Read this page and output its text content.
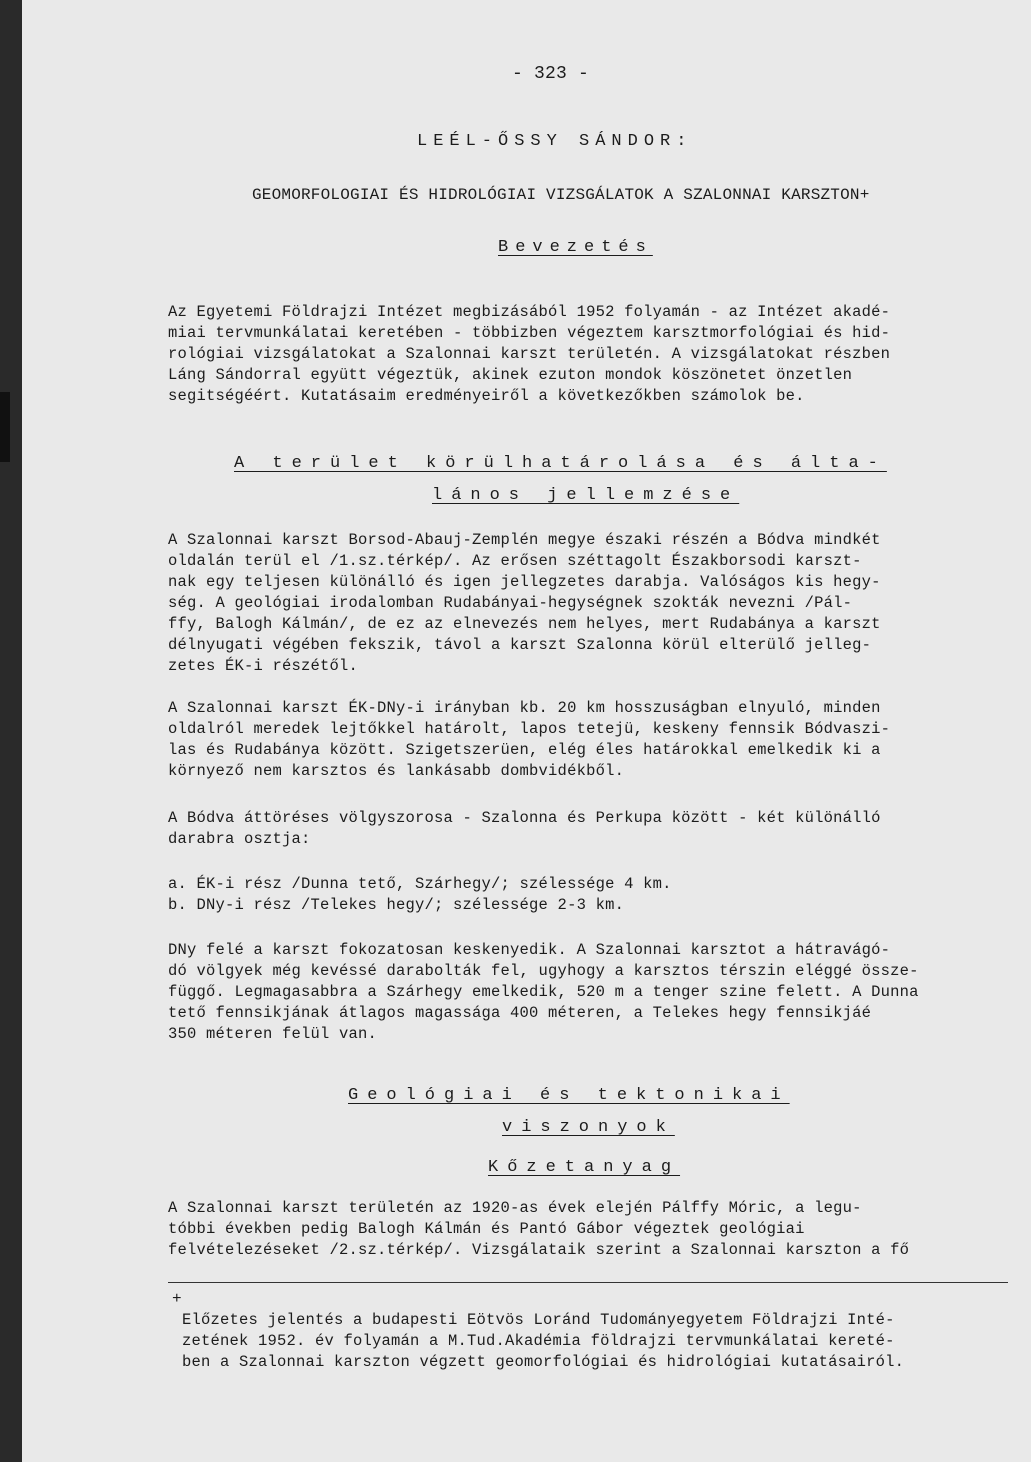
- 323 -
LEÉL-ŐSSY SÁNDOR:
GEOMORFOLOGIAI ÉS HIDROLÓGIAI VIZSGÁLATOK A SZALONNAI KARSZTON+
Bevezetés
Az Egyetemi Földrajzi Intézet megbizásából 1952 folyamán - az Intézet akadé-
miai tervmunkálatai keretében - többizben végeztem karsztmorfológiai és hid-
rológiai vizsgálatokat a Szalonnai karszt területén. A vizsgálatokat részben
Láng Sándorral együtt végeztük, akinek ezuton mondok köszönetet önzetlen
segitségéért. Kutatásaim eredményeiről a következőkben számolok be.
A terület körülhatárolása és álta-
lános jellemzése
A Szalonnai karszt Borsod-Abauj-Zemplén megye északi részén a Bódva mindkét
oldalán terül el /1.sz.térkép/. Az erősen széttagolt Északborsodi karszt-
nak egy teljesen különálló és igen jellegzetes darabja. Valóságos kis hegy-
ség. A geológiai irodalomban Rudabányai-hegységnek szokták nevezni /Pál-
ffy, Balogh Kálmán/, de ez az elnevezés nem helyes, mert Rudabánya a karszt
délnyugati végében fekszik, távol a karszt Szalonna körül elterülő jelleg-
zetes ÉK-i részétől.
A Szalonnai karszt ÉK-DNy-i irányban kb. 20 km hosszuságban elnyuló, minden
oldalról meredek lejtőkkel határolt, lapos tetejü, keskeny fennsik Bódvaszi-
las és Rudabánya között. Szigetszerüen, elég éles határokkal emelkedik ki a
környező nem karsztos és lankásabb dombvidékből.
A Bódva áttöréses völgyszorosa - Szalonna és Perkupa között - két különálló
darabra osztja:
a. ÉK-i rész /Dunna tető, Szárhegy/; szélessége 4 km.
b. DNy-i rész /Telekes hegy/; szélessége 2-3 km.
DNy felé a karszt fokozatosan keskenyedik. A Szalonnai karsztot a hátravágó-
dó völgyek még kevéssé darabolták fel, ugyhogy a karsztos térszin eléggé össze-
függő. Legmagasabbra a Szárhegy emelkedik, 520 m a tenger szine felett. A Dunna
tető fennsikjának átlagos magassága 400 méteren, a Telekes hegy fennsikjáé
350 méteren felül van.
Geológiai és tektonikai
viszonyok
Kőzetanyag
A Szalonnai karszt területén az 1920-as évek elején Pálffy Móric, a legu-
tóbbi években pedig Balogh Kálmán és Pantó Gábor végeztek geológiai
felvételezéseket /2.sz.térkép/. Vizsgálataik szerint a Szalonnai karszton a fő
+
Előzetes jelentés a budapesti Eötvös Loránd Tudományegyetem Földrajzi Inté-
zetének 1952. év folyamán a M.Tud.Akadémia földrajzi tervmunkálatai kereté-
ben a Szalonnai karszton végzett geomorfológiai és hidrológiai kutatásairól.
